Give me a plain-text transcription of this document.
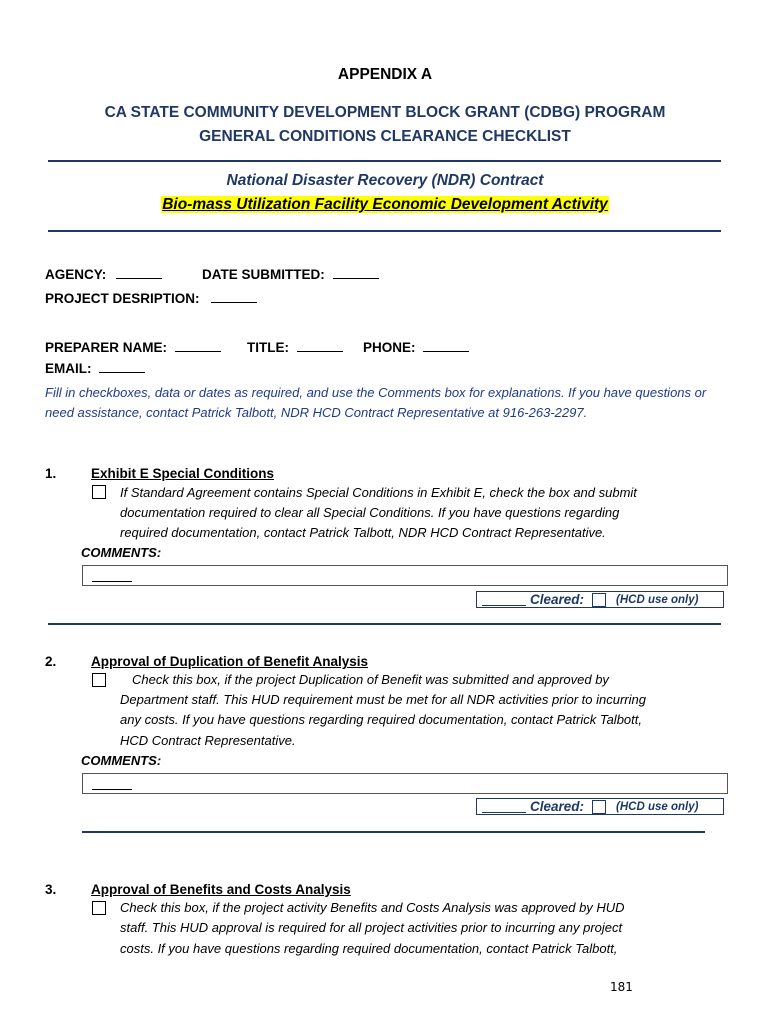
APPENDIX A
CA STATE COMMUNITY DEVELOPMENT BLOCK GRANT (CDBG) PROGRAM
GENERAL CONDITIONS CLEARANCE CHECKLIST
National Disaster Recovery (NDR) Contract
Bio-mass Utilization Facility Economic Development Activity
AGENCY:	DATE SUBMITTED:
PROJECT DESRIPTION:
PREPARER NAME:	TITLE:	PHONE:
EMAIL:
Fill in checkboxes, data or dates as required, and use the Comments box for explanations. If you have questions or need assistance, contact Patrick Talbott, NDR HCD Contract Representative at 916-263-2297.
1.	Exhibit E Special Conditions
If Standard Agreement contains Special Conditions in Exhibit E, check the box and submit
documentation required to clear all Special Conditions. If you have questions regarding
required documentation, contact Patrick Talbott, NDR HCD Contract Representative.
COMMENTS:
Cleared:	(HCD use only)
2.	Approval of Duplication of Benefit Analysis
Check this box, if the project Duplication of Benefit was submitted and approved by
Department staff. This HUD requirement must be met for all NDR activities prior to incurring
any costs. If you have questions regarding required documentation, contact Patrick Talbott,
HCD Contract Representative.
COMMENTS:
Cleared:	(HCD use only)
3.	Approval of Benefits and Costs Analysis
Check this box, if the project activity Benefits and Costs Analysis was approved by HUD
staff. This HUD approval is required for all project activities prior to incurring any project
costs. If you have questions regarding required documentation, contact Patrick Talbott,
181
